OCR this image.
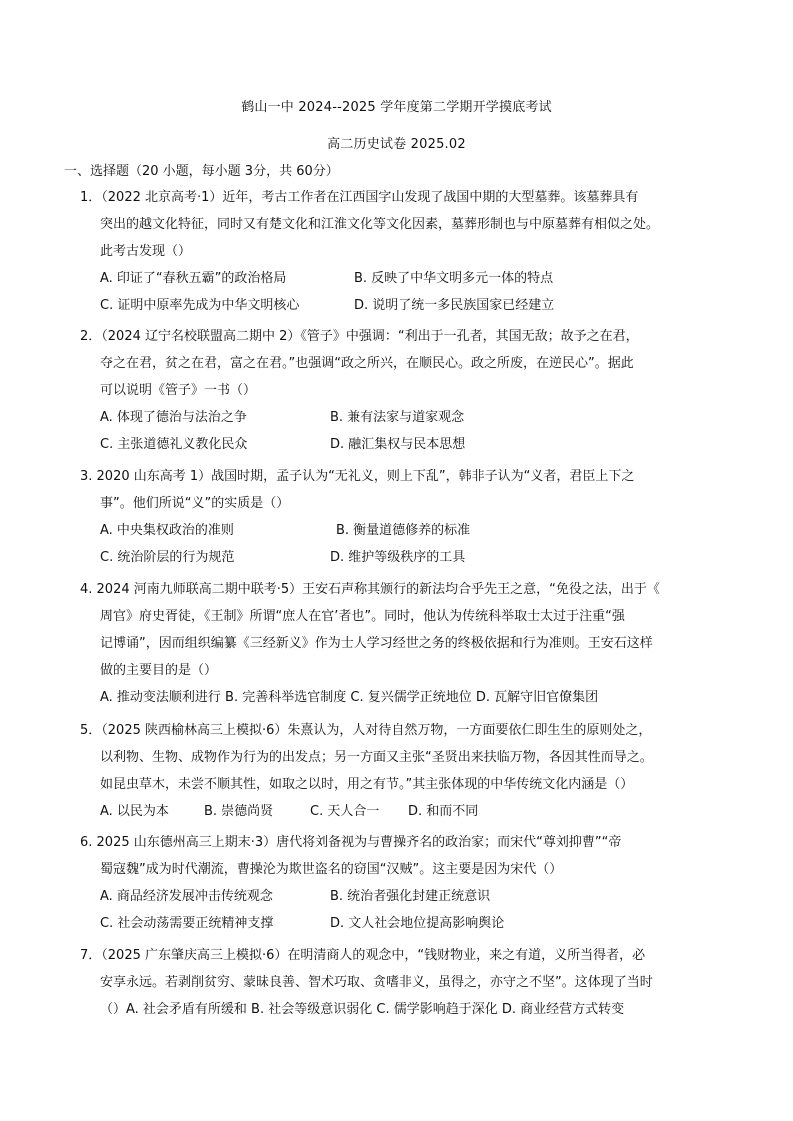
鹤山一中 2024--2025 学年度第二学期开学摸底考试
高二历史试卷 2025.02
一、选择题（20 小题，每小题 3分，共 60分）
1．（2022 北京高考·1）近年，考古工作者在江西国字山发现了战国中期的大型墓葬。该墓葬具有
突出的越文化特征，同时又有楚文化和江淮文化等文化因素，墓葬形制也与中原墓葬有相似之处。
此考古发现（）
A. 印证了“春秋五霸”的政治格局	B. 反映了中华文明多元一体的特点
C. 证明中原率先成为中华文明核心	D. 说明了统一多民族国家已经建立
2．（2024 辽宁名校联盟高二期中 2）《管子》中强调：“利出于一孔者，其国无敌；故予之在君，
夺之在君，贫之在君，富之在君。”也强调“政之所兴，在顺民心。政之所废，在逆民心”。据此
可以说明《管子》一书（）
A. 体现了德治与法治之争	B. 兼有法家与道家观念
C. 主张道德礼义教化民众	D. 融汇集权与民本思想
3. 2020 山东高考 1）战国时期，孟子认为“无礼义，则上下乱”，韩非子认为“义者，君臣上下之
事”。他们所说“义”的实质是（）
A. 中央集权政治的准则	B. 衡量道德修养的标准
C. 统治阶层的行为规范	D. 维护等级秩序的工具
4. 2024 河南九师联高二期中联考·5）王安石声称其颁行的新法均合乎先王之意，“免役之法，出于《
周官》府史胥徒，《王制》所谓“庶人在官’者也”。同时，他认为传统科举取士太过于注重“强
记博诵”，因而组织编纂《三经新义》作为士人学习经世之务的终极依据和行为准则。王安石这样
做的主要目的是（）
A. 推动变法顺利进行 B. 完善科举选官制度 C. 复兴儒学正统地位 D. 瓦解守旧官僚集团
5．（2025 陕西榆林高三上模拟·6）朱熹认为，人对待自然万物，一方面要依仁即生生的原则处之，
以利物、生物、成物作为行为的出发点；另一方面又主张“圣贤出来扶临万物，各因其性而导之。
如昆虫草木，未尝不顺其性，如取之以时，用之有节。”其主张体现的中华传统文化内涵是（）
A. 以民为本	B. 崇德尚贤	C. 天人合一	D. 和而不同
6. 2025 山东德州高三上期末·3）唐代将刘备视为与曹操齐名的政治家；而宋代“尊刘抑曹”“帝
蜀寇魏”成为时代潮流，曹操沦为欺世盗名的窃国“汉贼”。这主要是因为宋代（）
A. 商品经济发展冲击传统观念	B. 统治者强化封建正统意识
C. 社会动荡需要正统精神支撑	D. 文人社会地位提高影响舆论
7．（2025 广东肇庆高三上模拟·6）在明清商人的观念中，“钱财物业，来之有道，义所当得者，必
安享永远。若剥削贫穷、蒙昧良善、智术巧取、贪嗜非义，虽得之，亦守之不坚”。这体现了当时
（）A. 社会矛盾有所缓和 B. 社会等级意识弱化 C. 儒学影响趋于深化 D. 商业经营方式转变
